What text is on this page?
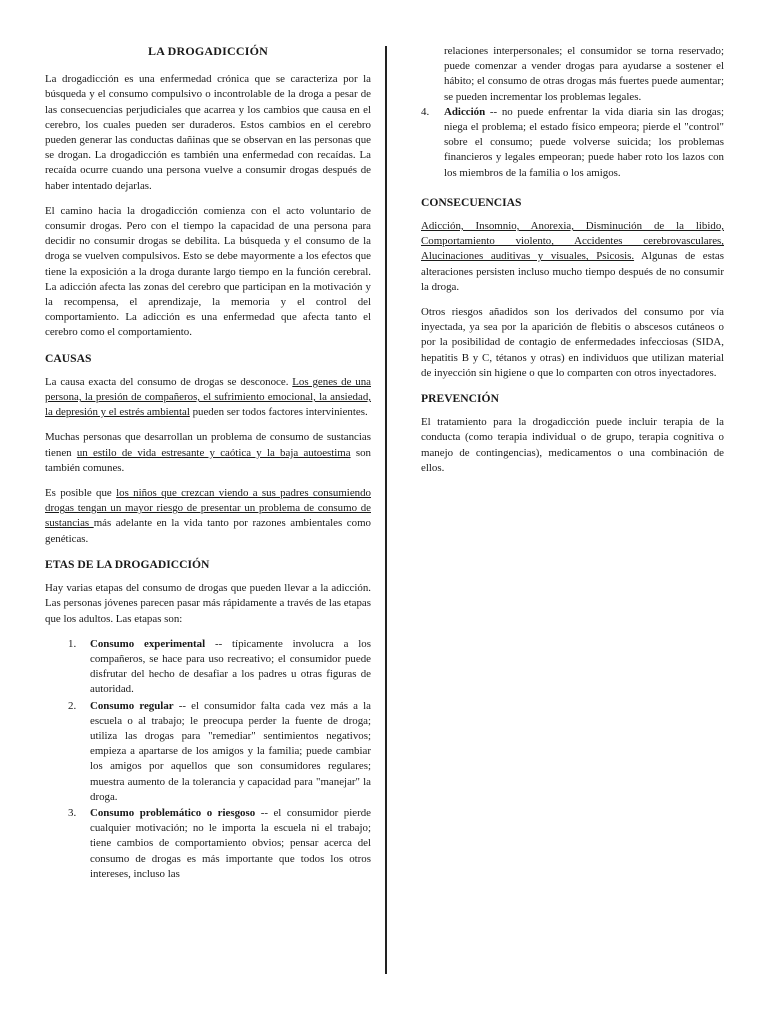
LA DROGADICCIÓN

La drogadicción es una enfermedad crónica que se caracteriza por la búsqueda y el consumo compulsivo o incontrolable de la droga a pesar de las consecuencias perjudiciales que acarrea y los cambios que causa en el cerebro, los cuales pueden ser duraderos. Estos cambios en el cerebro pueden generar las conductas dañinas que se observan en las personas que se drogan. La drogadicción es también una enfermedad con recaídas. La recaída ocurre cuando una persona vuelve a consumir drogas después de haber intentado dejarlas.

El camino hacia la drogadicción comienza con el acto voluntario de consumir drogas. Pero con el tiempo la capacidad de una persona para decidir no consumir drogas se debilita. La búsqueda y el consumo de la droga se vuelven compulsivos. Esto se debe mayormente a los efectos que tiene la exposición a la droga durante largo tiempo en la función cerebral. La adicción afecta las zonas del cerebro que participan en la motivación y la recompensa, el aprendizaje, la memoria y el control del comportamiento. La adicción es una enfermedad que afecta tanto el cerebro como el comportamiento.

CAUSAS

La causa exacta del consumo de drogas se desconoce. Los genes de una persona, la presión de compañeros, el sufrimiento emocional, la ansiedad, la depresión y el estrés ambiental pueden ser todos factores intervinientes.

Muchas personas que desarrollan un problema de consumo de sustancias tienen un estilo de vida estresante y caótica y la baja autoestima son también comunes.

Es posible que los niños que crezcan viendo a sus padres consumiendo drogas tengan un mayor riesgo de presentar un problema de consumo de sustancias más adelante en la vida tanto por razones ambientales como genéticas.

ETAS DE LA DROGADICCIÓN

Hay varias etapas del consumo de drogas que pueden llevar a la adicción. Las personas jóvenes parecen pasar más rápidamente a través de las etapas que los adultos. Las etapas son:

1. Consumo experimental -- típicamente involucra a los compañeros, se hace para uso recreativo; el consumidor puede disfrutar del hecho de desafiar a los padres u otras figuras de autoridad.
2. Consumo regular -- el consumidor falta cada vez más a la escuela o al trabajo; le preocupa perder la fuente de droga; utiliza las drogas para "remediar" sentimientos negativos; empieza a apartarse de los amigos y la familia; puede cambiar los amigos por aquellos que son consumidores regulares; muestra aumento de la tolerancia y capacidad para "manejar" la droga.
3. Consumo problemático o riesgoso -- el consumidor pierde cualquier motivación; no le importa la escuela ni el trabajo; tiene cambios de comportamiento obvios; pensar acerca del consumo de drogas es más importante que todos los otros intereses, incluso las

relaciones interpersonales; el consumidor se torna reservado; puede comenzar a vender drogas para ayudarse a sostener el hábito; el consumo de otras drogas más fuertes puede aumentar; se pueden incrementar los problemas legales.

4. Adicción -- no puede enfrentar la vida diaria sin las drogas; niega el problema; el estado físico empeora; pierde el "control" sobre el consumo; puede volverse suicida; los problemas financieros y legales empeoran; puede haber roto los lazos con los miembros de la familia o los amigos.
CONSECUENCIAS

Adicción, Insomnio, Anorexia, Disminución de la libido, Comportamiento violento, Accidentes cerebrovasculares, Alucinaciones auditivas y visuales, Psicosis. Algunas de estas alteraciones persisten incluso mucho tiempo después de no consumir la droga.

Otros riesgos añadidos son los derivados del consumo por vía inyectada, ya sea por la aparición de flebitis o abscesos cutáneos o por la posibilidad de contagio de enfermedades infecciosas (SIDA, hepatitis B y C, tétanos y otras) en individuos que utilizan material de inyección sin higiene o que lo comparten con otros inyectadores.

PREVENCIÓN

El tratamiento para la drogadicción puede incluir terapia de la conducta (como terapia individual o de grupo, terapia cognitiva o manejo de contingencias), medicamentos o una combinación de ellos.
